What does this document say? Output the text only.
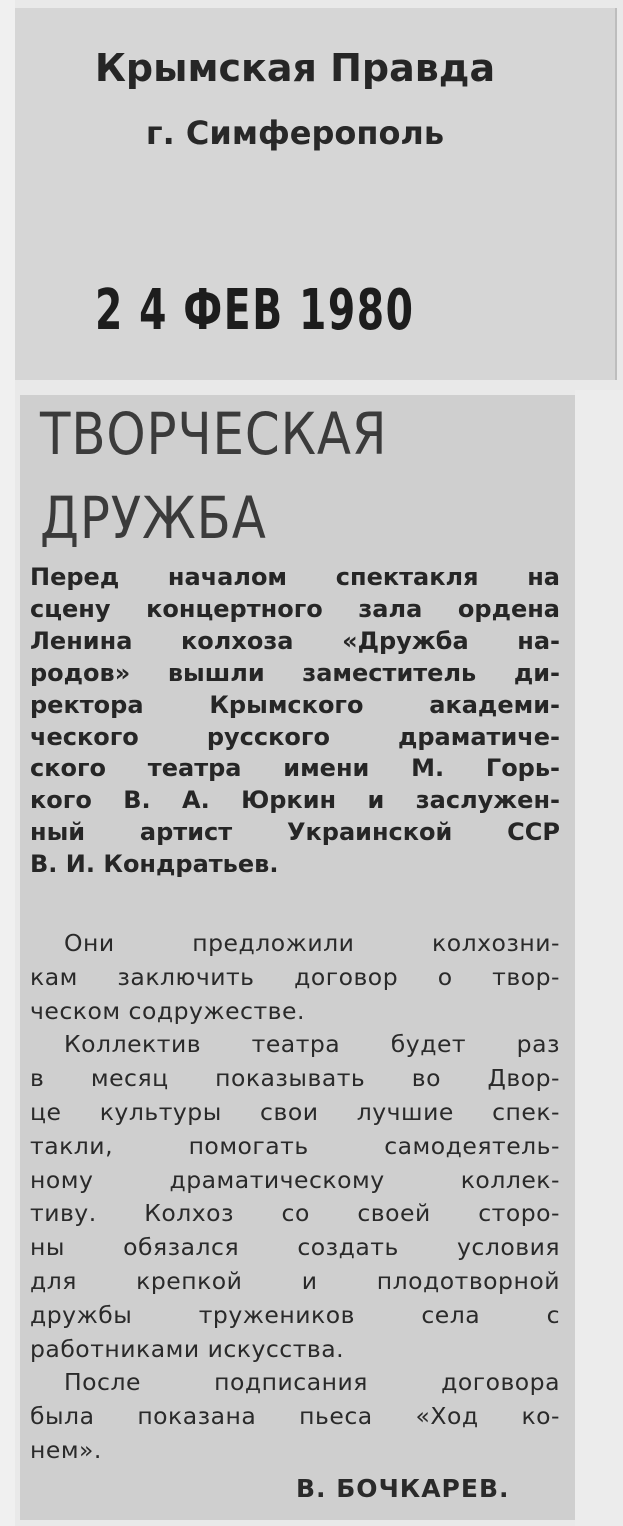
Крымская Правда
г. Симферополь
2 4 ФЕВ 1980
ТВОРЧЕСКАЯ
ДРУЖБА
Перед началом спектакля на
сцену концертного зала ордена
Ленина колхоза «Дружба на-
родов» вышли заместитель ди-
ректора Крымского академи-
ческого русского драматиче-
ского театра имени М. Горь-
кого В. А. Юркин и заслужен-
ный артист Украинской ССР
В. И. Кондратьев.
Они предложили колхозни-
кам заключить договор о твор-
ческом содружестве.
Коллектив театра будет раз
в месяц показывать во Двор-
це культуры свои лучшие спек-
такли, помогать самодеятель-
ному драматическому коллек-
тиву. Колхоз со своей сторо-
ны обязался создать условия
для крепкой и плодотворной
дружбы тружеников села с
работниками искусства.
После подписания договора
была показана пьеса «Ход ко-
нем».
В. БОЧКАРЕВ.
